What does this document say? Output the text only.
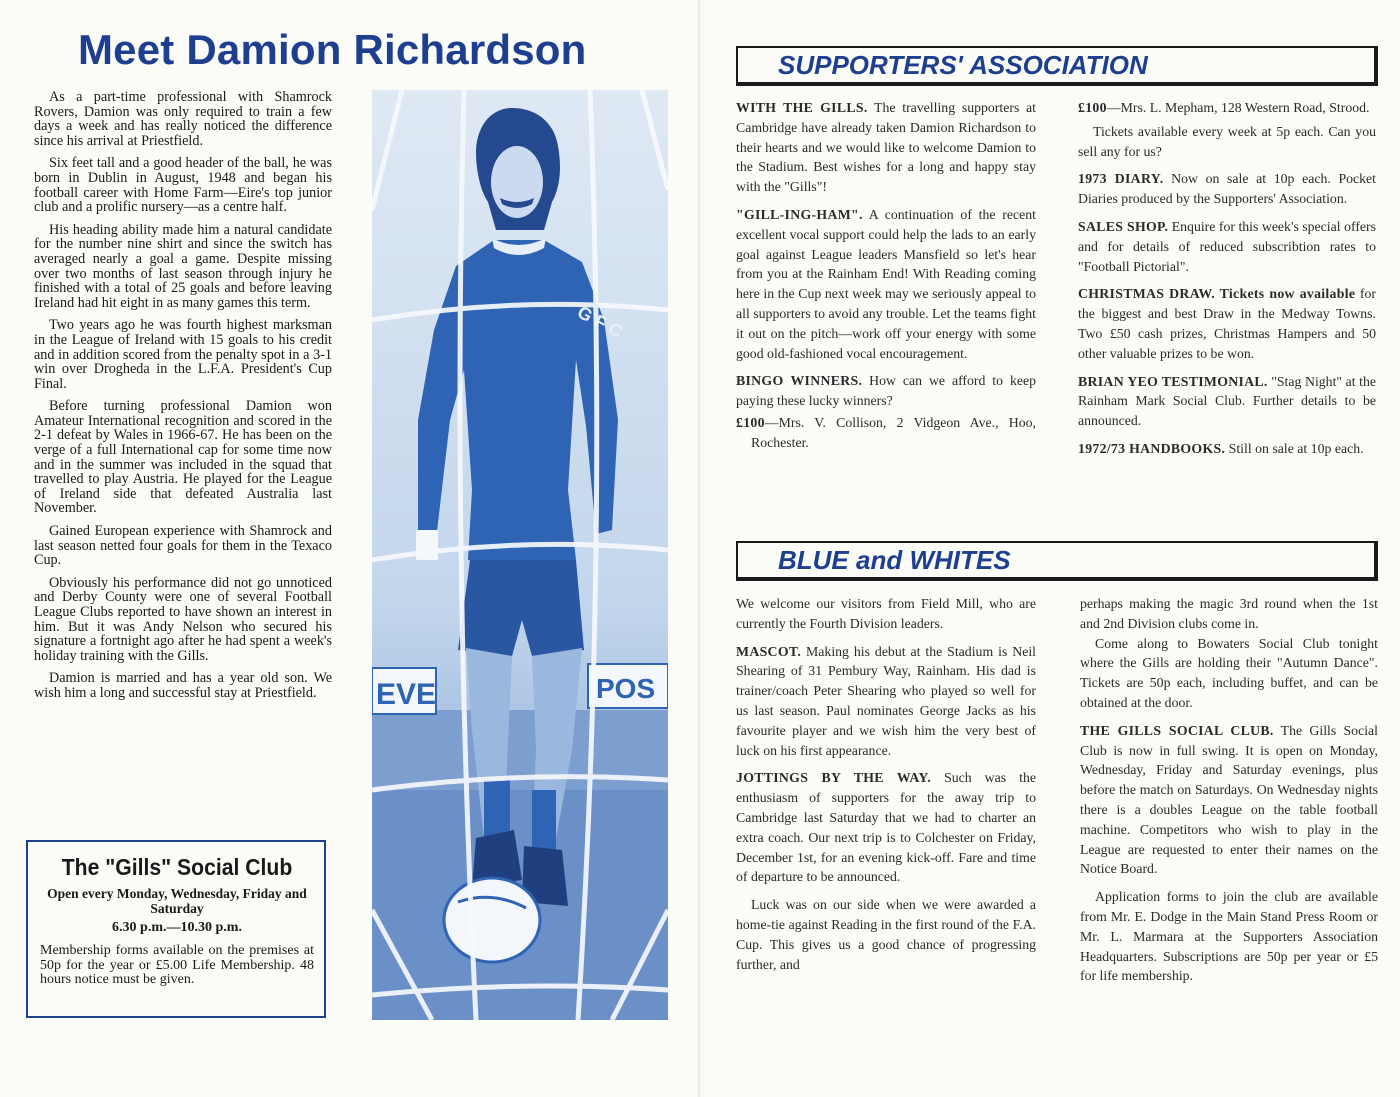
Meet Damion Richardson

As a part-time professional with Shamrock Rovers, Damion was only required to train a few days a week and has really noticed the difference since his arrival at Priestfield.

Six feet tall and a good header of the ball, he was born in Dublin in August, 1948 and began his football career with Home Farm—Eire's top junior club and a prolific nursery—as a centre half.

His heading ability made him a natural candidate for the number nine shirt and since the switch has averaged nearly a goal a game. Despite missing over two months of last season through injury he finished with a total of 25 goals and before leaving Ireland had hit eight in as many games this term.

Two years ago he was fourth highest marksman in the League of Ireland with 15 goals to his credit and in addition scored from the penalty spot in a 3-1 win over Drogheda in the L.F.A. President's Cup Final.

Before turning professional Damion won Amateur International recognition and scored in the 2-1 defeat by Wales in 1966-67. He has been on the verge of a full International cap for some time now and in the summer was included in the squad that travelled to play Austria. He played for the League of Ireland side that defeated Australia last November.

Gained European experience with Shamrock and last season netted four goals for them in the Texaco Cup.

Obviously his performance did not go unnoticed and Derby County were one of several Football League Clubs reported to have shown an interest in him. But it was Andy Nelson who secured his signature a fortnight ago after he had spent a week's holiday training with the Gills.

Damion is married and has a year old son. We wish him a long and successful stay at Priestfield.	EVE	POS
G F C
The "Gills" Social Club

Open every Monday, Wednesday, Friday and Saturday

6.30 p.m.—10.30 p.m.

Membership forms available on the premises at 50p for the year or £5.00 Life Membership. 48 hours notice must be given.

SUPPORTERS' ASSOCIATION

WITH THE GILLS. The travelling supporters at Cambridge have already taken Damion Richardson to their hearts and we would like to welcome Damion to the Stadium. Best wishes for a long and happy stay with the "Gills"!

"GILL-ING-HAM". A continuation of the recent excellent vocal support could help the lads to an early goal against League leaders Mansfield so let's hear from you at the Rainham End! With Reading coming here in the Cup next week may we seriously appeal to all supporters to avoid any trouble. Let the teams fight it out on the pitch—work off your energy with some good old-fashioned vocal encouragement.

BINGO WINNERS. How can we afford to keep paying these lucky winners?

£100—Mrs. V. Collison, 2 Vidgeon Ave., Hoo, Rochester.

£100—Mrs. L. Mepham, 128 Western Road, Strood.

Tickets available every week at 5p each. Can you sell any for us?

1973 DIARY. Now on sale at 10p each. Pocket Diaries produced by the Supporters' Association.

SALES SHOP. Enquire for this week's special offers and for details of reduced subscribtion rates to "Football Pictorial".

CHRISTMAS DRAW. Tickets now available for the biggest and best Draw in the Medway Towns. Two £50 cash prizes, Christmas Hampers and 50 other valuable prizes to be won.

BRIAN YEO TESTIMONIAL. "Stag Night" at the Rainham Mark Social Club. Further details to be announced.

1972/73 HANDBOOKS. Still on sale at 10p each.

BLUE and WHITES

We welcome our visitors from Field Mill, who are currently the Fourth Division leaders.

MASCOT. Making his debut at the Stadium is Neil Shearing of 31 Pembury Way, Rainham. His dad is trainer/coach Peter Shearing who played so well for us last season. Paul nominates George Jacks as his favourite player and we wish him the very best of luck on his first appearance.

JOTTINGS BY THE WAY. Such was the enthusiasm of supporters for the away trip to Cambridge last Saturday that we had to charter an extra coach. Our next trip is to Colchester on Friday, December 1st, for an evening kick-off. Fare and time of departure to be announced.

Luck was on our side when we were awarded a home-tie against Reading in the first round of the F.A. Cup. This gives us a good chance of progressing further, and

perhaps making the magic 3rd round when the 1st and 2nd Division clubs come in.

Come along to Bowaters Social Club tonight where the Gills are holding their "Autumn Dance". Tickets are 50p each, including buffet, and can be obtained at the door.

THE GILLS SOCIAL CLUB. The Gills Social Club is now in full swing. It is open on Monday, Wednesday, Friday and Saturday evenings, plus before the match on Saturdays. On Wednesday nights there is a doubles League on the table football machine. Competitors who wish to play in the League are requested to enter their names on the Notice Board.

Application forms to join the club are available from Mr. E. Dodge in the Main Stand Press Room or Mr. L. Marmara at the Supporters Association Headquarters. Subscriptions are 50p per year or £5 for life membership.
